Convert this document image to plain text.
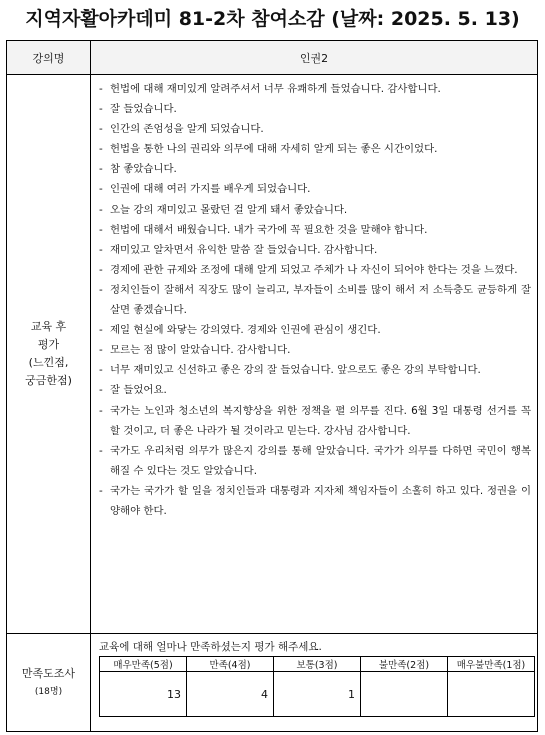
지역자활아카데미 81-2차 참여소감 (날짜: 2025. 5. 13)
강의명	인권2

교육 후
평가
(느낀점,
궁금한점)

- 헌법에 대해 재미있게 알려주셔서 너무 유쾌하게 들었습니다. 감사합니다.
- 잘 들었습니다.
- 인간의 존엄성을 알게 되었습니다.
- 헌법을 통한 나의 권리와 의무에 대해 자세히 알게 되는 좋은 시간이었다.
- 참 좋았습니다.
- 인권에 대해 여러 가지를 배우게 되었습니다.
- 오늘 강의 재미있고 몰랐던 걸 알게 돼서 좋았습니다.
- 헌법에 대해서 배웠습니다. 내가 국가에 꼭 필요한 것을 말해야 합니다.
- 재미있고 알차면서 유익한 말씀 잘 들었습니다. 감사합니다.
- 경제에 관한 규제와 조정에 대해 알게 되었고 주체가 나 자신이 되어야 한다는 것을 느꼈다.
- 정치인들이 잘해서 직장도 많이 늘리고, 부자들이 소비를 많이 해서 저 소득층도 균등하게 잘살면 좋겠습니다.
- 제일 현실에 와닿는 강의였다. 경제와 인권에 관심이 생긴다.
- 모르는 점 많이 알았습니다. 감사합니다.
- 너무 재미있고 신선하고 좋은 강의 잘 들었습니다. 앞으로도 좋은 강의 부탁합니다.
- 잘 들었어요.
- 국가는 노인과 청소년의 복지향상을 위한 정책을 펼 의무를 진다. 6월 3일 대통령 선거를 꼭 할 것이고, 더 좋은 나라가 될 것이라고 믿는다. 강사님 감사합니다.
- 국가도 우리처럼 의무가 많은지 강의를 통해 알았습니다. 국가가 의무를 다하면 국민이 행복해질 수 있다는 것도 알았습니다.
- 국가는 국가가 할 일을 정치인들과 대통령과 지자체 책임자들이 소홀히 하고 있다. 정권을 이양해야 한다.

만족도조사
(18명)

교육에 대해 얼마나 만족하셨는지 평가 해주세요.
매우만족(5점)	만족(4점)	보통(3점)	불만족(2점)	매우불만족(1점)
13	4	1		
